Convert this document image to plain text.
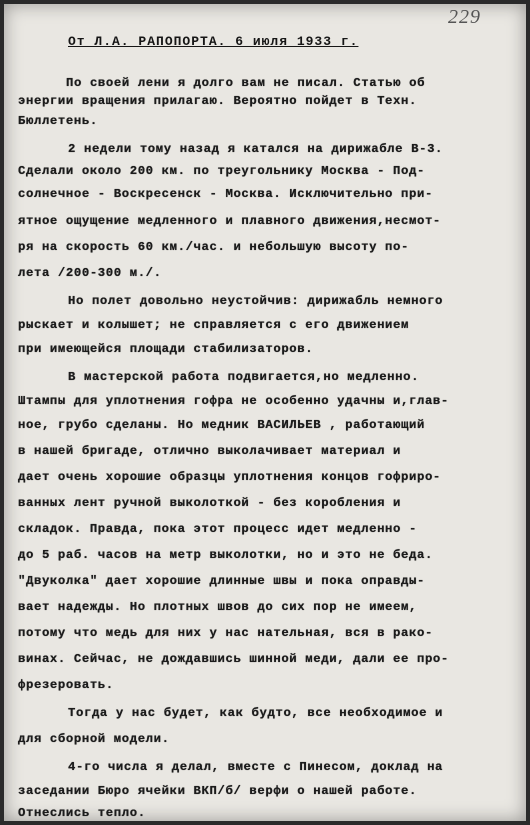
229
От Л.А. РАПОПОРТА. 6 июля 1933 г.
По своей лени я долго вам не писал. Статью об
энергии вращения прилагаю. Вероятно пойдет в Техн.
Бюллетень.
2 недели тому назад я катался на дирижабле В-3.
Сделали около 200 км. по треугольнику Москва - Под-
солнечное - Воскресенск - Москва. Исключительно при-
ятное ощущение медленного и плавного движения,несмот-
ря на скорость 60 км./час. и небольшую высоту по-
лета /200-300 м./.
Но полет довольно неустойчив: дирижабль немного
рыскает и колышет; не справляется с его движением
при имеющейся площади стабилизаторов.
В мастерской работа подвигается,но медленно.
Штампы для уплотнения гофра не особенно удачны и,глав-
ное, грубо сделаны. Но медник ВАСИЛЬЕВ , работающий
в нашей бригаде, отлично выколачивает материал и
дает очень хорошие образцы уплотнения концов гофриро-
ванных лент ручной выколоткой - без коробления и
складок. Правда, пока этот процесс идет медленно -
до 5 раб. часов на метр выколотки, но и это не беда.
"Двуколка" дает хорошие длинные швы и пока оправды-
вает надежды. Но плотных швов до сих пор не имеем,
потому что медь для них у нас нательная, вся в рако-
винах. Сейчас, не дождавшись шинной меди, дали ее про-
фрезеровать.
Тогда у нас будет, как будто, все необходимое и
для сборной модели.
4-го числа я делал, вместе с Пинесом, доклад на
заседании Бюро ячейки ВКП/б/ верфи о нашей работе.
Отнеслись тепло.
